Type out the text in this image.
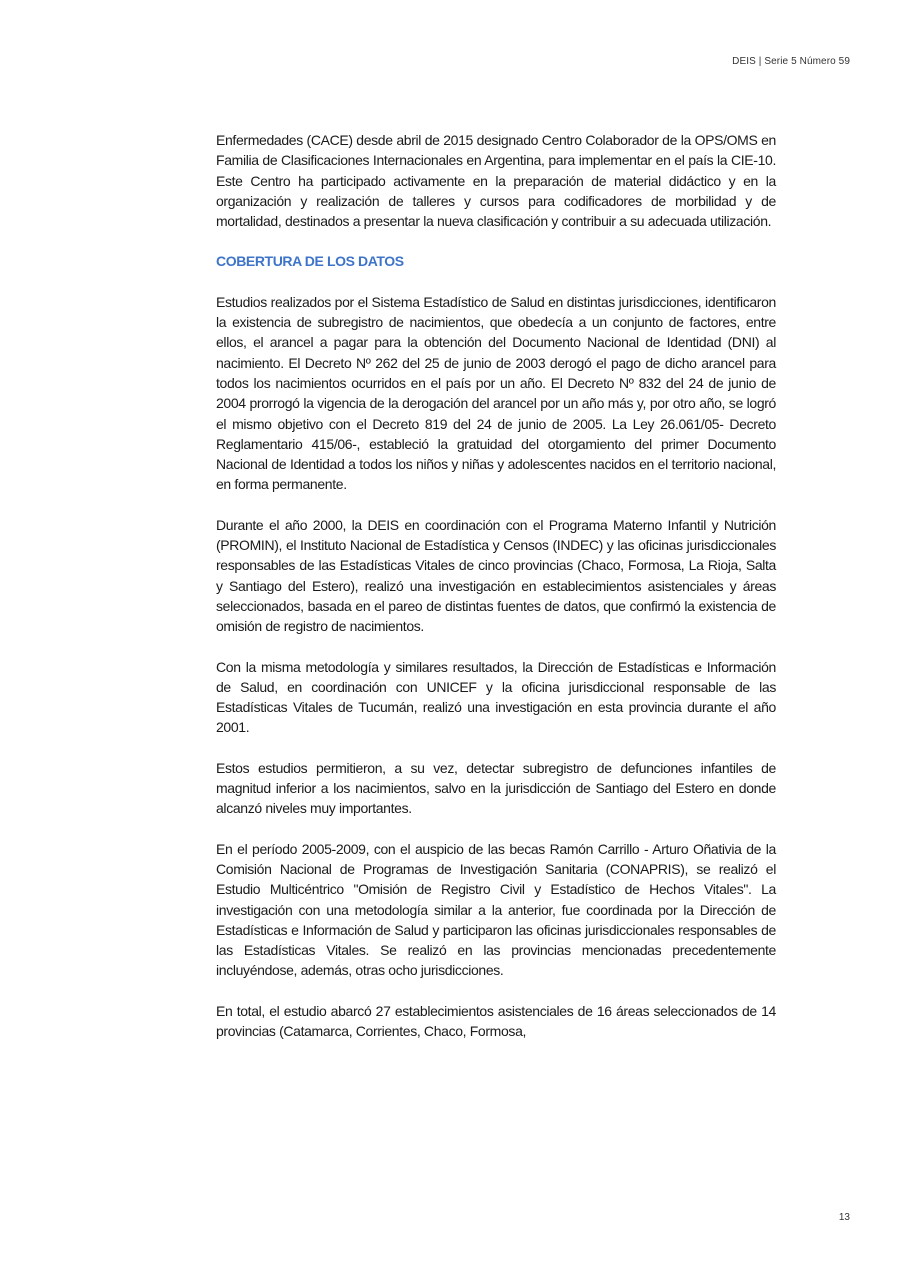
DEIS | Serie 5 Número 59

Enfermedades (CACE) desde abril de 2015 designado Centro Colaborador de la OPS/OMS en Familia de Clasificaciones Internacionales en Argentina, para implementar en el país la CIE-10. Este Centro ha participado activamente en la preparación de material didáctico y en la organización y realización de talleres y cursos para codificadores de morbilidad y de mortalidad, destinados a presentar la nueva clasificación y contribuir a su adecuada utilización.

COBERTURA DE LOS DATOS

Estudios realizados por el Sistema Estadístico de Salud en distintas jurisdicciones, identificaron la existencia de subregistro de nacimientos, que obedecía a un conjunto de factores, entre ellos, el arancel a pagar para la obtención del Documento Nacional de Identidad (DNI) al nacimiento. El Decreto Nº 262 del 25 de junio de 2003 derogó el pago de dicho arancel para todos los nacimientos ocurridos en el país por un año. El Decreto Nº 832 del 24 de junio de 2004 prorrogó la vigencia de la derogación del arancel por un año más y, por otro año, se logró el mismo objetivo con el Decreto 819 del 24 de junio de 2005. La Ley 26.061/05- Decreto Reglamentario 415/06-, estableció la gratuidad del otorgamiento del primer Documento Nacional de Identidad a todos los niños y niñas y adolescentes nacidos en el territorio nacional, en forma permanente.

Durante el año 2000, la DEIS en coordinación con el Programa Materno Infantil y Nutrición (PROMIN), el Instituto Nacional de Estadística y Censos (INDEC) y las oficinas jurisdiccionales responsables de las Estadísticas Vitales de cinco provincias (Chaco, Formosa, La Rioja, Salta y Santiago del Estero), realizó una investigación en establecimientos asistenciales y áreas seleccionados, basada en el pareo de distintas fuentes de datos, que confirmó la existencia de omisión de registro de nacimientos.

Con la misma metodología y similares resultados, la Dirección de Estadísticas e Información de Salud, en coordinación con UNICEF y la oficina jurisdiccional responsable de las Estadísticas Vitales de Tucumán, realizó una investigación en esta provincia durante el año 2001.

Estos estudios permitieron, a su vez, detectar subregistro de defunciones infantiles de magnitud inferior a los nacimientos, salvo en la jurisdicción de Santiago del Estero en donde alcanzó niveles muy importantes.

En el período 2005-2009, con el auspicio de las becas Ramón Carrillo - Arturo Oñativia de la Comisión Nacional de Programas de Investigación Sanitaria (CONAPRIS), se realizó el Estudio Multicéntrico "Omisión de Registro Civil y Estadístico de Hechos Vitales". La investigación con una metodología similar a la anterior, fue coordinada por la Dirección de Estadísticas e Información de Salud y participaron las oficinas jurisdiccionales responsables de las Estadísticas Vitales. Se realizó en las provincias mencionadas precedentemente incluyéndose, además, otras ocho jurisdicciones.

En total, el estudio abarcó 27 establecimientos asistenciales de 16 áreas seleccionados de 14 provincias (Catamarca, Corrientes, Chaco, Formosa,

13
